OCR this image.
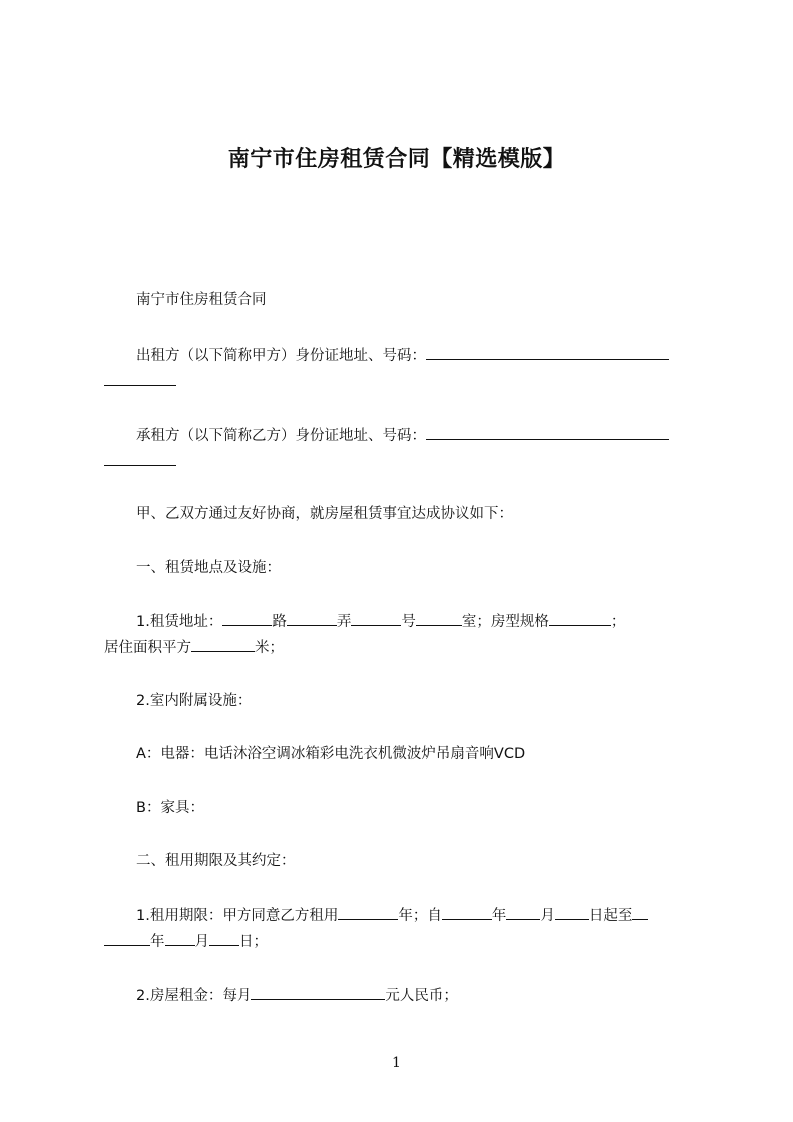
南宁市住房租赁合同【精选模版】
南宁市住房租赁合同
出租方（以下简称甲方）身份证地址、号码：
承租方（以下简称乙方）身份证地址、号码：
甲、乙双方通过友好协商，就房屋租赁事宜达成协议如下：
一、租赁地点及设施：
1.租赁地址：	路	弄	号	室；房型规格	；
居住面积平方	米；
2.室内附属设施：
A：电器：电话沐浴空调冰箱彩电洗衣机微波炉吊扇音响VCD
B：家具：
二、租用期限及其约定：
1.租用期限：甲方同意乙方租用	年；自	年 月 日起至
年 月 日；
2.房屋租金：每月	元人民币；
1
